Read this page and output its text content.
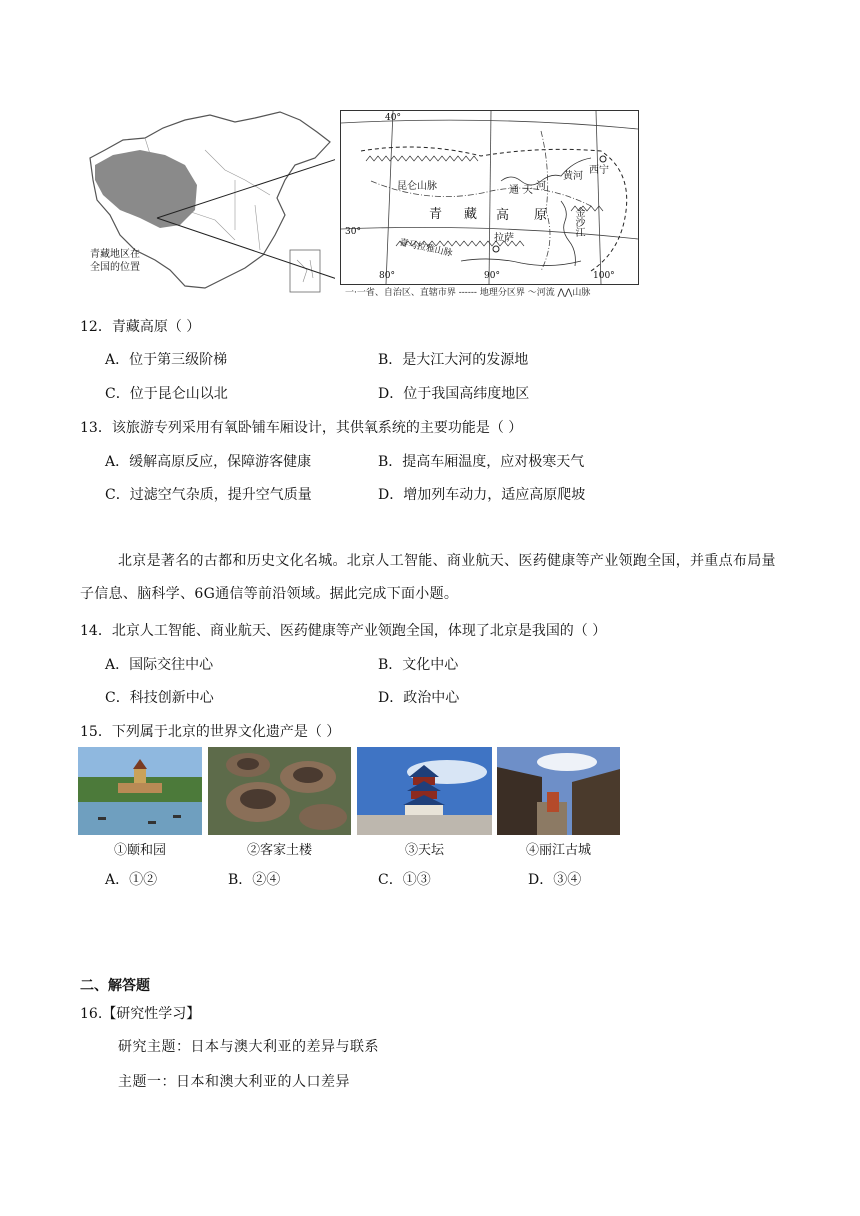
青藏地区在
全国的位置
40°
30°
80°	90°	100°
昆仑山脉
青 藏 高 原
通 天 河
黄河
西宁
拉萨
金沙江
喜马拉雅山脉
一·一省、自治区、直辖市界 ------ 地理分区界 〜河流 ⋀⋀山脉
12．青藏高原（ ）
A．位于第三级阶梯	B．是大江大河的发源地
C．位于昆仑山以北	D．位于我国高纬度地区
13．该旅游专列采用有氧卧铺车厢设计，其供氧系统的主要功能是（ ）
A．缓解高原反应，保障游客健康	B．提高车厢温度，应对极寒天气
C．过滤空气杂质，提升空气质量	D．增加列车动力，适应高原爬坡
北京是著名的古都和历史文化名城。北京人工智能、商业航天、医药健康等产业领跑全国，并重点布局量子信息、脑科学、6G通信等前沿领域。据此完成下面小题。
14．北京人工智能、商业航天、医药健康等产业领跑全国，体现了北京是我国的（ ）
A．国际交往中心	B．文化中心
C．科技创新中心	D．政治中心
15．下列属于北京的世界文化遗产是（ ）
①颐和园	②客家土楼	③天坛	④丽江古城
A．①②	B．②④	C．①③	D．③④
二、解答题
16.【研究性学习】
研究主题：日本与澳大利亚的差异与联系
主题一：日本和澳大利亚的人口差异
